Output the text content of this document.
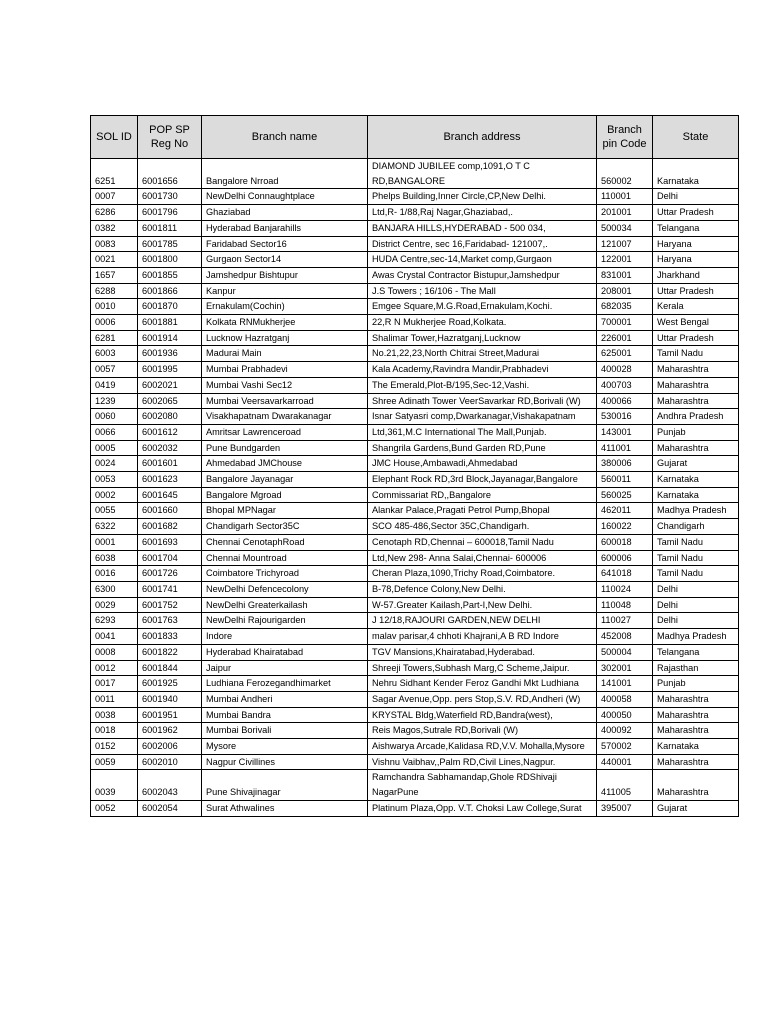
SOL ID	POP SP Reg No	Branch name	Branch address	Branch pin Code	State
6251	6001656	Bangalore Nrroad	DIAMOND JUBILEE comp,1091,O T C RD,BANGALORE	560002	Karnataka
0007	6001730	NewDelhi Connaughtplace	Phelps Building,Inner Circle,CP,New Delhi.	110001	Delhi
6286	6001796	Ghaziabad	Ltd,R- 1/88,Raj Nagar,Ghaziabad,.	201001	Uttar Pradesh
0382	6001811	Hyderabad Banjarahills	BANJARA HILLS,HYDERABAD - 500 034,	500034	Telangana
0083	6001785	Faridabad Sector16	District Centre, sec 16,Faridabad- 121007,.	121007	Haryana
0021	6001800	Gurgaon Sector14	HUDA Centre,sec-14,Market comp,Gurgaon	122001	Haryana
1657	6001855	Jamshedpur Bishtupur	Awas Crystal Contractor Bistupur,Jamshedpur	831001	Jharkhand
6288	6001866	Kanpur	J.S Towers ; 16/106 - The Mall	208001	Uttar Pradesh
0010	6001870	Ernakulam(Cochin)	Emgee Square,M.G.Road,Ernakulam,Kochi.	682035	Kerala
0006	6001881	Kolkata RNMukherjee	22,R N Mukherjee Road,Kolkata.	700001	West Bengal
6281	6001914	Lucknow Hazratganj	Shalimar Tower,Hazratganj,Lucknow	226001	Uttar Pradesh
6003	6001936	Madurai Main	No.21,22,23,North Chitrai Street,Madurai	625001	Tamil Nadu
0057	6001995	Mumbai Prabhadevi	Kala Academy,Ravindra Mandir,Prabhadevi	400028	Maharashtra
0419	6002021	Mumbai Vashi Sec12	The Emerald,Plot-B/195,Sec-12,Vashi.	400703	Maharashtra
1239	6002065	Mumbai Veersavarkarroad	Shree Adinath Tower VeerSavarkar RD,Borivali (W)	400066	Maharashtra
0060	6002080	Visakhapatnam Dwarakanagar	Isnar Satyasri comp,Dwarkanagar,Vishakapatnam	530016	Andhra Pradesh
0066	6001612	Amritsar Lawrenceroad	Ltd,361,M.C International The Mall,Punjab.	143001	Punjab
0005	6002032	Pune Bundgarden	Shangrila Gardens,Bund Garden RD,Pune	411001	Maharashtra
0024	6001601	Ahmedabad JMChouse	JMC House,Ambawadi,Ahmedabad	380006	Gujarat
0053	6001623	Bangalore Jayanagar	Elephant Rock RD,3rd Block,Jayanagar,Bangalore	560011	Karnataka
0002	6001645	Bangalore Mgroad	Commissariat RD,,Bangalore	560025	Karnataka
0055	6001660	Bhopal MPNagar	Alankar Palace,Pragati Petrol Pump,Bhopal	462011	Madhya Pradesh
6322	6001682	Chandigarh Sector35C	SCO 485-486,Sector 35C,Chandigarh.	160022	Chandigarh
0001	6001693	Chennai CenotaphRoad	Cenotaph RD,Chennai – 600018,Tamil Nadu	600018	Tamil Nadu
6038	6001704	Chennai Mountroad	Ltd,New 298- Anna Salai,Chennai- 600006	600006	Tamil Nadu
0016	6001726	Coimbatore Trichyroad	Cheran Plaza,1090,Trichy Road,Coimbatore.	641018	Tamil Nadu
6300	6001741	NewDelhi Defencecolony	B-78,Defence Colony,New Delhi.	110024	Delhi
0029	6001752	NewDelhi Greaterkailash	W-57.Greater Kailash,Part-I,New Delhi.	110048	Delhi
6293	6001763	NewDelhi Rajourigarden	J 12/18,RAJOURI GARDEN,NEW DELHI	110027	Delhi
0041	6001833	Indore	malav parisar,4 chhoti Khajrani,A B RD Indore	452008	Madhya Pradesh
0008	6001822	Hyderabad Khairatabad	TGV Mansions,Khairatabad,Hyderabad.	500004	Telangana
0012	6001844	Jaipur	Shreeji Towers,Subhash Marg,C Scheme,Jaipur.	302001	Rajasthan
0017	6001925	Ludhiana Ferozegandhimarket	Nehru Sidhant Kender Feroz Gandhi Mkt Ludhiana	141001	Punjab
0011	6001940	Mumbai Andheri	Sagar Avenue,Opp. pers Stop,S.V. RD,Andheri (W)	400058	Maharashtra
0038	6001951	Mumbai Bandra	KRYSTAL Bldg,Waterfield RD,Bandra(west),	400050	Maharashtra
0018	6001962	Mumbai Borivali	Reis Magos,Sutrale RD,Borivali (W)	400092	Maharashtra
0152	6002006	Mysore	Aishwarya Arcade,Kalidasa RD,V.V. Mohalla,Mysore	570002	Karnataka
0059	6002010	Nagpur Civillines	Vishnu Vaibhav,,Palm RD,Civil Lines,Nagpur.	440001	Maharashtra
0039	6002043	Pune Shivajinagar	Ramchandra Sabhamandap,Ghole RDShivaji NagarPune	411005	Maharashtra
0052	6002054	Surat Athwalines	Platinum Plaza,Opp. V.T. Choksi Law College,Surat	395007	Gujarat
